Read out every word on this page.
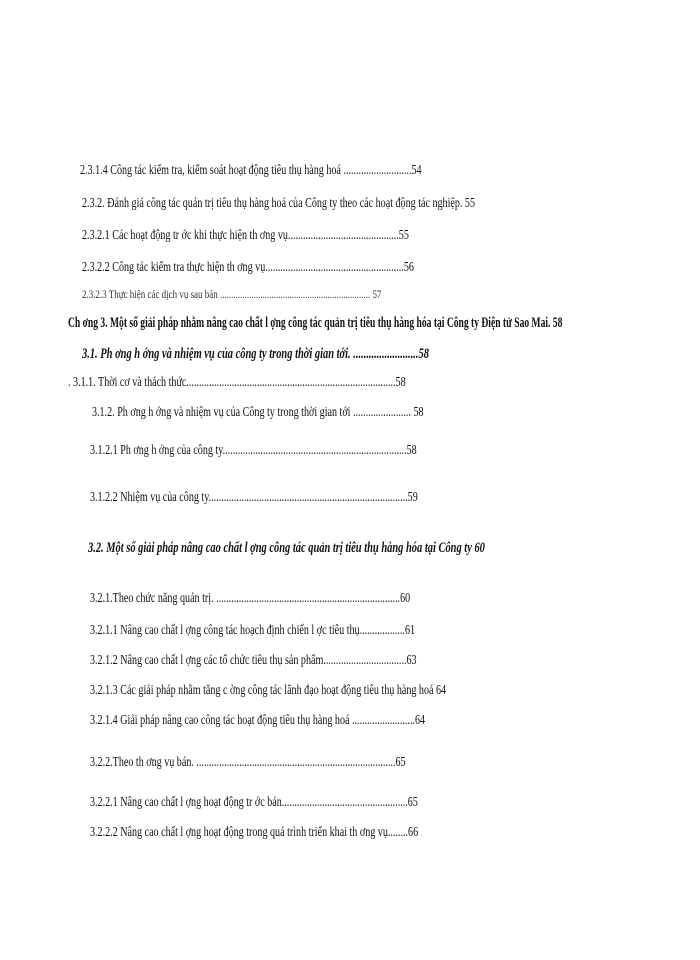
2.3.1.4 Công tác kiểm tra, kiểm soát hoạt động tiêu thụ hàng hoá ...........................54
2.3.2. Đánh giá công tác quản trị tiêu thụ hàng hoá của Công ty theo các hoạt động tác nghiệp. 55
2.3.2.1 Các hoạt động tr ớc khi thực hiện th ơng vụ............................................55
2.3.2.2 Công tác kiểm tra thực hiện th ơng vụ.......................................................56
2.3.2.3 Thực hiện các dịch vụ sau bán ................................................................... 57
Ch ơng 3. Một số giải pháp nhằm nâng cao chất l ợng công tác quản trị tiêu thụ hàng hóa tại Công ty Điện tử Sao Mai. 58
3.1. Ph ơng h ớng và nhiệm vụ của công ty trong thời gian tới. .........................58
. 3.1.1. Thời cơ và thách thức...................................................................................58
3.1.2. Ph ơng h ớng và nhiệm vụ của Công ty trong thời gian tới ....................... 58
3.1.2.1 Ph ơng h ớng của công ty.........................................................................58
3.1.2.2 Nhiệm vụ của công ty...............................................................................59
3.2. Một số giải pháp nâng cao chất l ợng công tác quản trị tiêu thụ hàng hóa tại Công ty 60
3.2.1.Theo chức năng quản trị. .........................................................................60
3.2.1.1 Nâng cao chất l ợng công tác hoạch định chiến l ợc tiêu thụ..................61
3.2.1.2 Nâng cao chất l ợng các tổ chức tiêu thụ sản phẩm.................................63
3.2.1.3 Các giải pháp nhằm tăng c ờng công tác lãnh đạo hoạt động tiêu thụ hàng hoá 64
3.2.1.4 Giải pháp nâng cao công tác hoạt động tiêu thụ hàng hoá .........................64
3.2.2.Theo th ơng vụ bán. ...............................................................................65
3.2.2.1 Nâng cao chất l ợng hoạt động tr ớc bán..................................................65
3.2.2.2 Nâng cao chất l ợng hoạt động trong quá trình triển khai th ơng vụ........66
